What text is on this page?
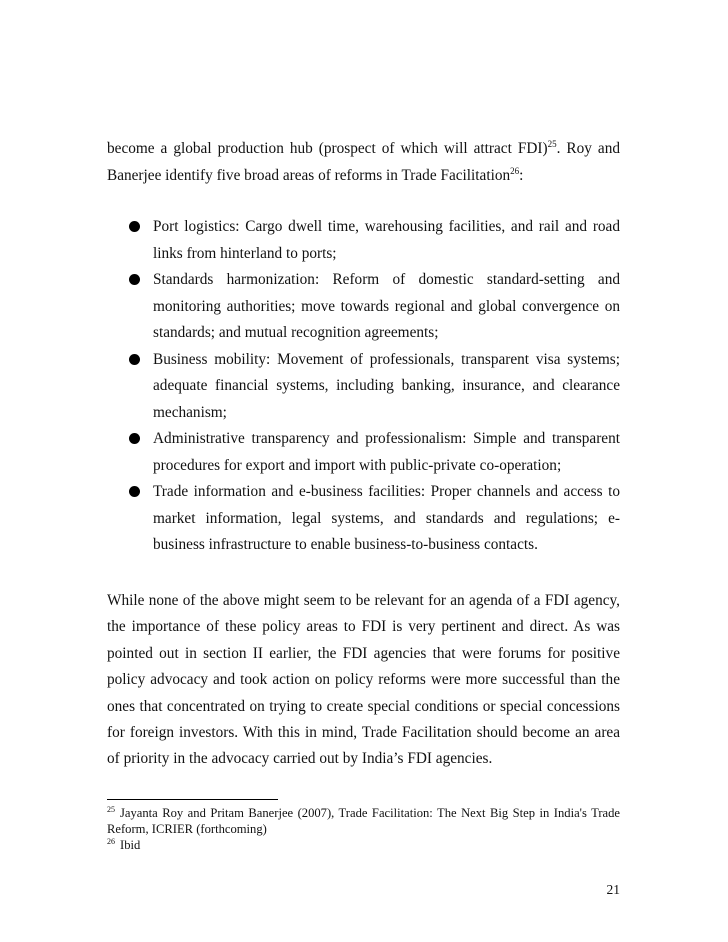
become a global production hub (prospect of which will attract FDI)$^{25}$. Roy and Banerjee identify five broad areas of reforms in Trade Facilitation$^{26}$:

Port logistics: Cargo dwell time, warehousing facilities, and rail and road links from hinterland to ports;
Standards harmonization: Reform of domestic standard-setting and monitoring authorities; move towards regional and global convergence on standards; and mutual recognition agreements;
Business mobility: Movement of professionals, transparent visa systems; adequate financial systems, including banking, insurance, and clearance mechanism;
Administrative transparency and professionalism: Simple and transparent procedures for export and import with public-private co-operation;
Trade information and e-business facilities: Proper channels and access to market information, legal systems, and standards and regulations; e-business infrastructure to enable business-to-business contacts.

While none of the above might seem to be relevant for an agenda of a FDI agency, the importance of these policy areas to FDI is very pertinent and direct. As was pointed out in section II earlier, the FDI agencies that were forums for positive policy advocacy and took action on policy reforms were more successful than the ones that concentrated on trying to create special conditions or special concessions for foreign investors. With this in mind, Trade Facilitation should become an area of priority in the advocacy carried out by India’s FDI agencies.

$^{25}$ Jayanta Roy and Pritam Banerjee (2007), Trade Facilitation: The Next Big Step in India's Trade Reform, ICRIER (forthcoming)

$^{26}$ Ibid

21
